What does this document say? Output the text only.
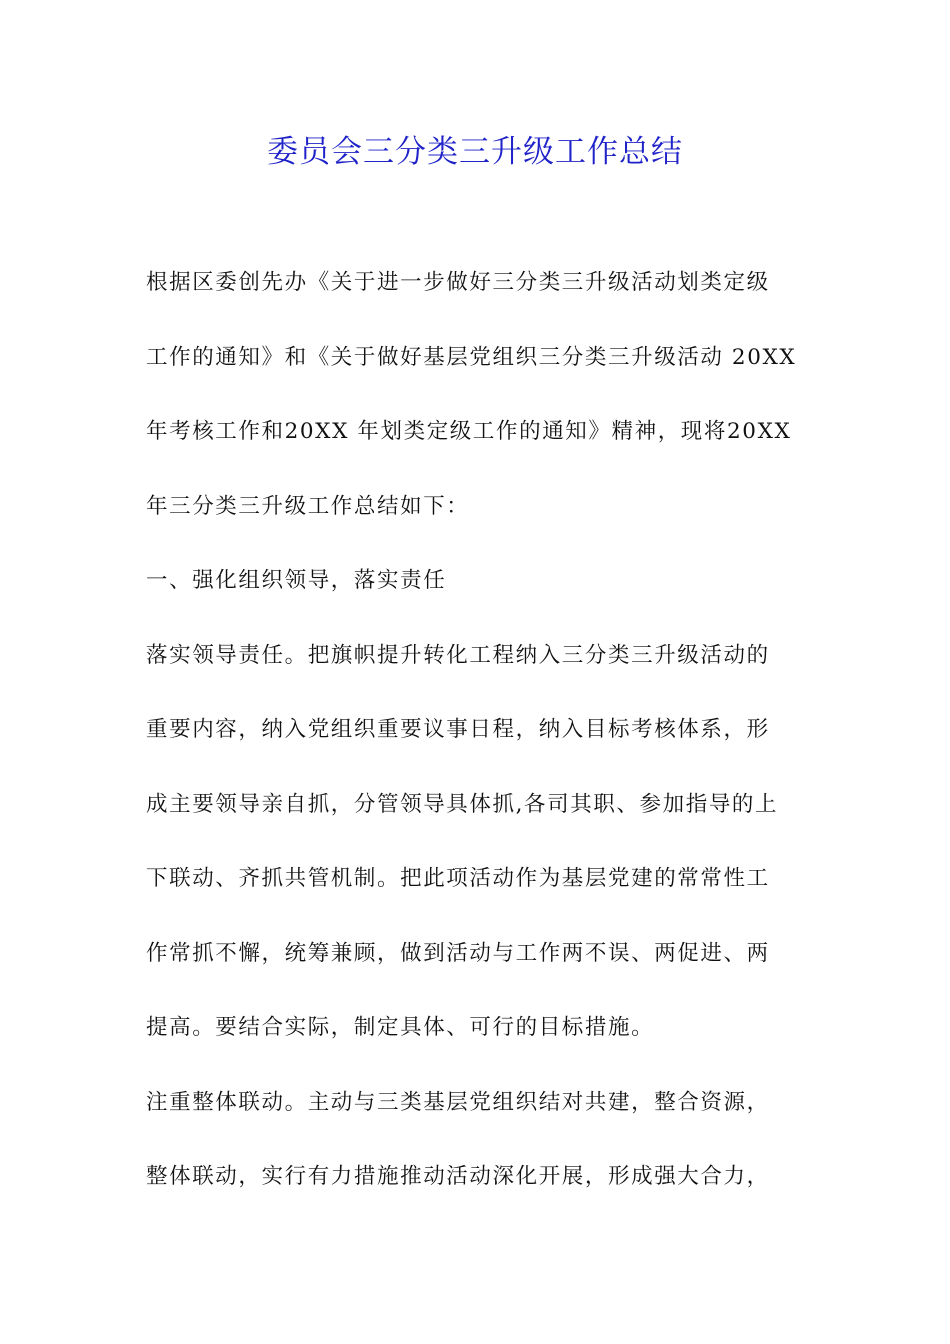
委员会三分类三升级工作总结
根据区委创先办《关于进一步做好三分类三升级活动划类定级
工作的通知》和《关于做好基层党组织三分类三升级活动 20XX
年考核工作和20XX 年划类定级工作的通知》精神，现将20XX
年三分类三升级工作总结如下：
一、强化组织领导，落实责任
落实领导责任。把旗帜提升转化工程纳入三分类三升级活动的
重要内容，纳入党组织重要议事日程，纳入目标考核体系，形
成主要领导亲自抓，分管领导具体抓,各司其职、参加指导的上
下联动、齐抓共管机制。把此项活动作为基层党建的常常性工
作常抓不懈，统筹兼顾，做到活动与工作两不误、两促进、两
提高。要结合实际，制定具体、可行的目标措施。
注重整体联动。主动与三类基层党组织结对共建，整合资源，
整体联动，实行有力措施推动活动深化开展，形成强大合力，
